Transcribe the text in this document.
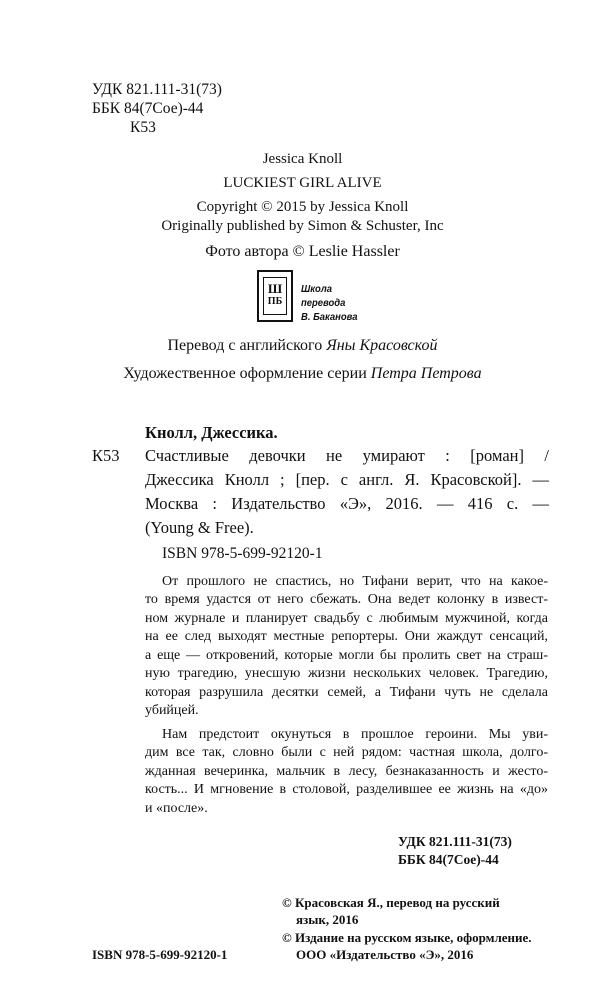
УДК 821.111-31(73)
ББК 84(7Сое)-44
К53
Jessica Knoll
LUCKIEST GIRL ALIVE
Copyright © 2015 by Jessica Knoll
Originally published by Simon & Schuster, Inc
Фото автора © Leslie Hassler
Ш
ПБ
Школа перевода
В. Баканова
Перевод с английского Яны Красовской
Художественное оформление серии Петра Петрова
Кнолл, Джессика.
К53 Счастливые девочки не умирают : [роман] /
Джессика Кнолл ; [пер. с англ. Я. Красовской]. —
Москва : Издательство «Э», 2016. — 416 с. —
(Young & Free).
ISBN 978-5-699-92120-1
От прошлого не спастись, но Тифани верит, что на какое-
то время удастся от него сбежать. Она ведет колонку в извест-
ном журнале и планирует свадьбу с любимым мужчиной, когда
на ее след выходят местные репортеры. Они жаждут сенсаций,
а еще — откровений, которые могли бы пролить свет на страш-
ную трагедию, унесшую жизни нескольких человек. Трагедию,
которая разрушила десятки семей, а Тифани чуть не сделала
убийцей.
Нам предстоит окунуться в прошлое героини. Мы уви-
дим все так, словно были с ней рядом: частная школа, долго-
жданная вечеринка, мальчик в лесу, безнаказанность и жесто-
кость... И мгновение в столовой, разделившее ее жизнь на «до»
и «после».
УДК 821.111-31(73)
ББК 84(7Сое)-44
© Красовская Я., перевод на русский
язык, 2016
© Издание на русском языке, оформление.
ООО «Издательство «Э», 2016
ISBN 978-5-699-92120-1
